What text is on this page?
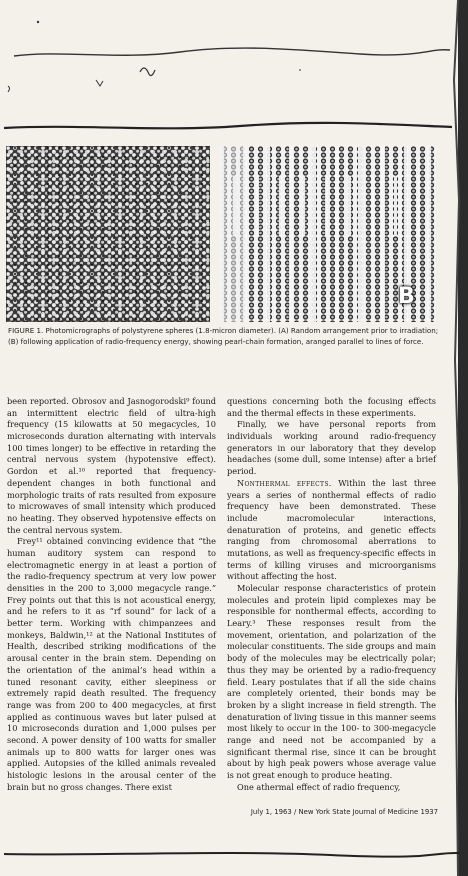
B
FIGURE 1. Photomicrographs of polystyrene spheres (1.8-micron diameter). (A) Random arrangement prior to irradiation; (B) following application of radio-frequency energy, showing pearl-chain formation, aranged parallel to lines of force.

been reported. Obrosov and Jasnogorodski⁹ found an intermittent electric field of ultra-high frequency (15 kilowatts at 50 megacycles, 10 microseconds duration alternating with intervals 100 times longer) to be effective in retarding the central nervous system (hypotensive effect). Gordon et al.¹⁰ reported that frequency-dependent changes in both functional and morphologic traits of rats resulted from exposure to microwaves of small intensity which produced no heating. They observed hypotensive effects on the central nervous system.

Frey¹¹ obtained convincing evidence that “the human auditory system can respond to electromagnetic energy in at least a portion of the radio-frequency spectrum at very low power densities in the 200 to 3,000 megacycle range.” Frey points out that this is not acoustical energy, and he refers to it as “rf sound” for lack of a better term. Working with chimpanzees and monkeys, Baldwin,¹² at the National Institutes of Health, described striking modifications of the arousal center in the brain stem. Depending on the orientation of the animal’s head within a tuned resonant cavity, either sleepiness or extremely rapid death resulted. The frequency range was from 200 to 400 megacycles, at first applied as continuous waves but later pulsed at 10 microseconds duration and 1,000 pulses per second. A power density of 100 watts for smaller animals up to 800 watts for larger ones was applied. Autopsies of the killed animals revealed histologic lesions in the arousal center of the brain but no gross changes. There exist

questions concerning both the focusing effects and the thermal effects in these experiments.

Finally, we have personal reports from individuals working around radio-frequency generators in our laboratory that they develop headaches (some dull, some intense) after a brief period.

Nonthermal effects. Within the last three years a series of nonthermal effects of radio frequency have been demonstrated. These include macromolecular interactions, denaturation of proteins, and genetic effects ranging from chromosomal aberrations to mutations, as well as frequency-specific effects in terms of killing viruses and microorganisms without affecting the host.

Molecular response characteristics of protein molecules and protein lipid complexes may be responsible for nonthermal effects, according to Leary.³ These responses result from the movement, orientation, and polarization of the molecular constituents. The side groups and main body of the molecules may be electrically polar; thus they may be oriented by a radio-frequency field. Leary postulates that if all the side chains are completely oriented, their bonds may be broken by a slight increase in field strength. The denaturation of living tissue in this manner seems most likely to occur in the 100- to 300-megacycle range and need not be accompanied by a significant thermal rise, since it can be brought about by high peak powers whose average value is not great enough to produce heating.

One athermal effect of radio frequency,

July 1, 1963 / New York State Journal of Medicine 1937
